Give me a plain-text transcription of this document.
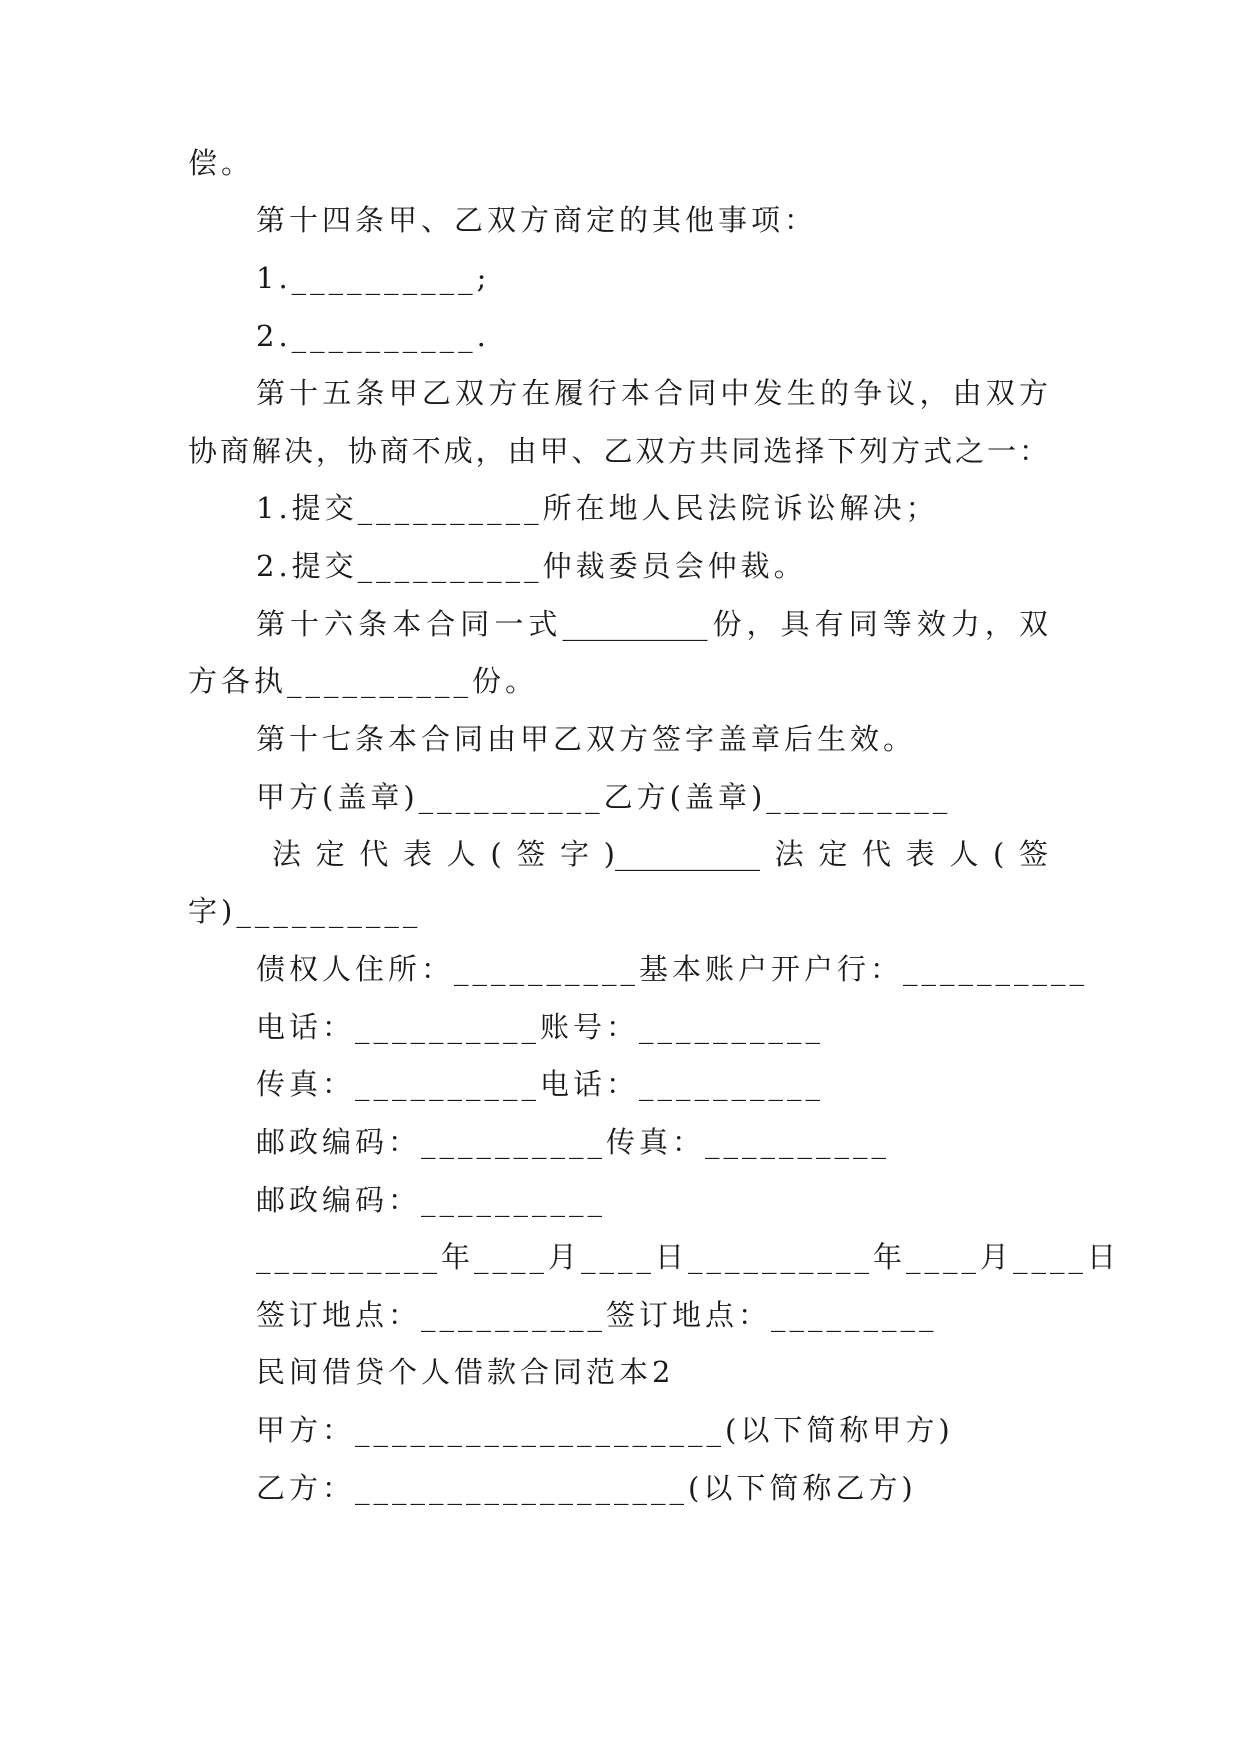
偿。
第十四条甲、乙双方商定的其他事项：
1.__________;
2.__________.
第十五条甲乙双方在履行本合同中发生的争议，由双方
协商解决，协商不成，由甲、乙双方共同选择下列方式之一：
1.提交__________所在地人民法院诉讼解决；
2.提交__________仲裁委员会仲裁。
第十六条本合同一式__________份，具有同等效力，双
方各执__________份。
第十七条本合同由甲乙双方签字盖章后生效。
甲方(盖章)__________乙方(盖章)__________
法定代表人(签字)__________法定代表人(签
字)__________
债权人住所：__________基本账户开户行：__________
电话：__________账号：__________
传真：__________电话：__________
邮政编码：__________传真：__________
邮政编码：__________
__________年____月____日__________年____月____日
签订地点：__________签订地点：_________
民间借贷个人借款合同范本2
甲方：____________________(以下简称甲方)
乙方：__________________(以下简称乙方)
